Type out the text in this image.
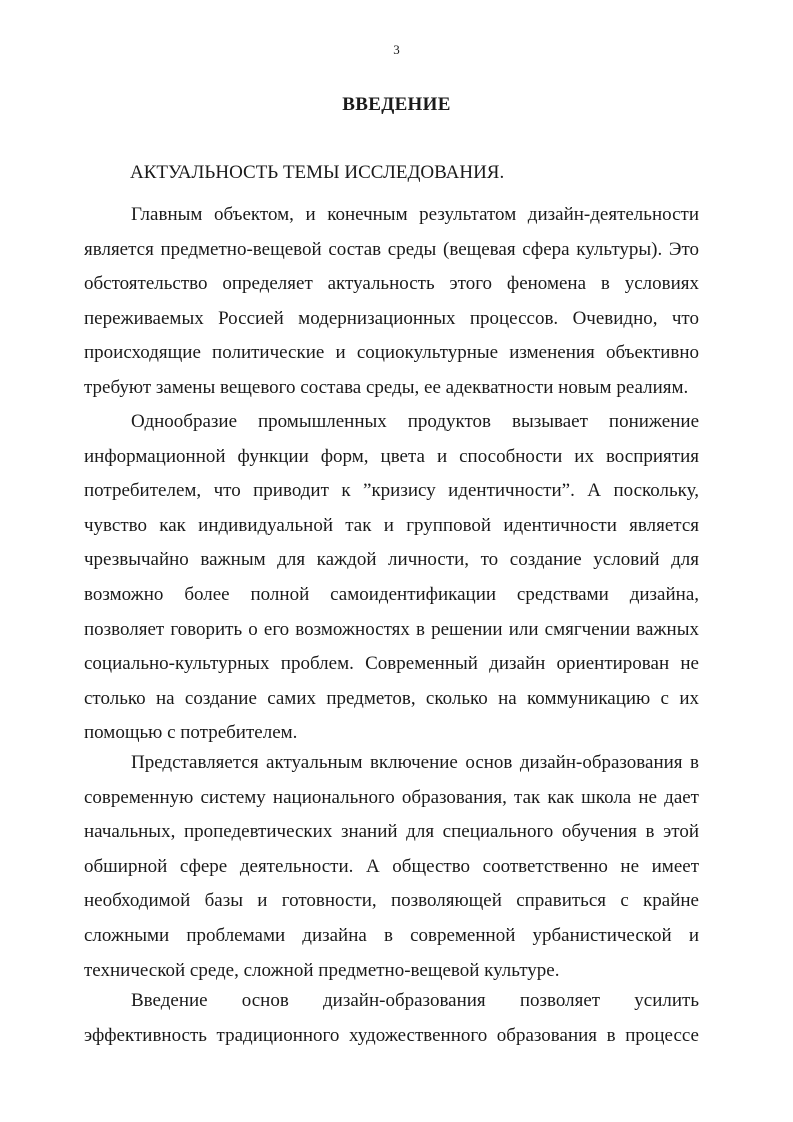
3
ВВЕДЕНИЕ
АКТУАЛЬНОСТЬ ТЕМЫ ИССЛЕДОВАНИЯ.
Главным объектом, и конечным результатом дизайн-деятельности
является предметно-вещевой состав среды (вещевая сфера культуры). Это
обстоятельство определяет актуальность этого феномена в условиях
переживаемых Россией модернизационных процессов. Очевидно, что
происходящие политические и социокультурные изменения объективно
требуют замены вещевого состава среды, ее адекватности новым реалиям.
Однообразие промышленных продуктов вызывает понижение
информационной функции форм, цвета и способности их восприятия
потребителем, что приводит к ”кризису идентичности”. А поскольку,
чувство как индивидуальной так и групповой идентичности является
чрезвычайно важным для каждой личности, то создание условий для
возможно более полной самоидентификации средствами дизайна,
позволяет говорить о его возможностях в решении или смягчении важных
социально-культурных проблем. Современный дизайн ориентирован не
столько на создание самих предметов, сколько на коммуникацию с их
помощью с потребителем.
Представляется актуальным включение основ дизайн-образования в
современную систему национального образования, так как школа не дает
начальных, пропедевтических знаний для специального обучения в этой
обширной сфере деятельности. А общество соответственно не имеет
необходимой базы и готовности, позволяющей справиться с крайне
сложными проблемами дизайна в современной урбанистической и
технической среде, сложной предметно-вещевой культуре.
Введение основ дизайн-образования позволяет усилить
эффективность традиционного художественного образования в процессе
